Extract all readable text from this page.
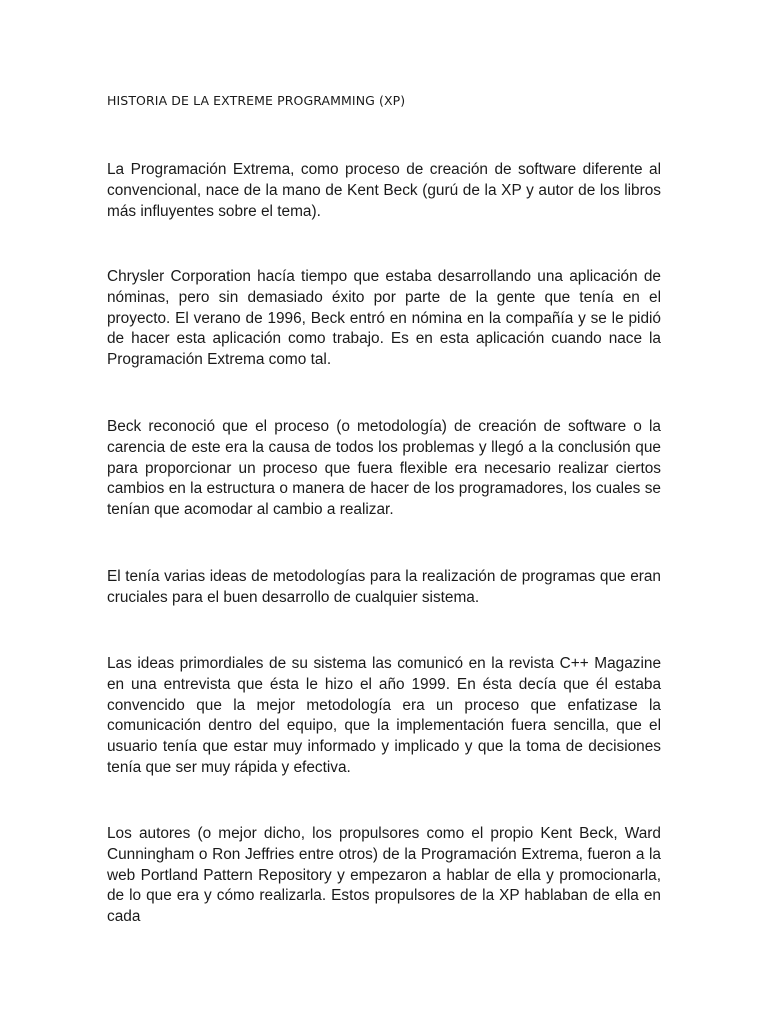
HISTORIA DE LA EXTREME PROGRAMMING (XP)

La Programación Extrema, como proceso de creación de software diferente al convencional, nace de la mano de Kent Beck (gurú de la XP y autor de los libros más influyentes sobre el tema).

Chrysler Corporation hacía tiempo que estaba desarrollando una aplicación de nóminas, pero sin demasiado éxito por parte de la gente que tenía en el proyecto. El verano de 1996, Beck entró en nómina en la compañía y se le pidió de hacer esta aplicación como trabajo. Es en esta aplicación cuando nace la Programación Extrema como tal.

Beck reconoció que el proceso (o metodología) de creación de software o la carencia de este era la causa de todos los problemas y llegó a la conclusión que para proporcionar un proceso que fuera flexible era necesario realizar ciertos cambios en la estructura o manera de hacer de los programadores, los cuales se tenían que acomodar al cambio a realizar.

El tenía varias ideas de metodologías para la realización de programas que eran cruciales para el buen desarrollo de cualquier sistema.

Las ideas primordiales de su sistema las comunicó en la revista C++ Magazine en una entrevista que ésta le hizo el año 1999. En ésta decía que él estaba convencido que la mejor metodología era un proceso que enfatizase la comunicación dentro del equipo, que la implementación fuera sencilla, que el usuario tenía que estar muy informado y implicado y que la toma de decisiones tenía que ser muy rápida y efectiva.

Los autores (o mejor dicho, los propulsores como el propio Kent Beck, Ward Cunningham o Ron Jeffries entre otros) de la Programación Extrema, fueron a la web Portland Pattern Repository y empezaron a hablar de ella y promocionarla, de lo que era y cómo realizarla. Estos propulsores de la XP hablaban de ella en cada
